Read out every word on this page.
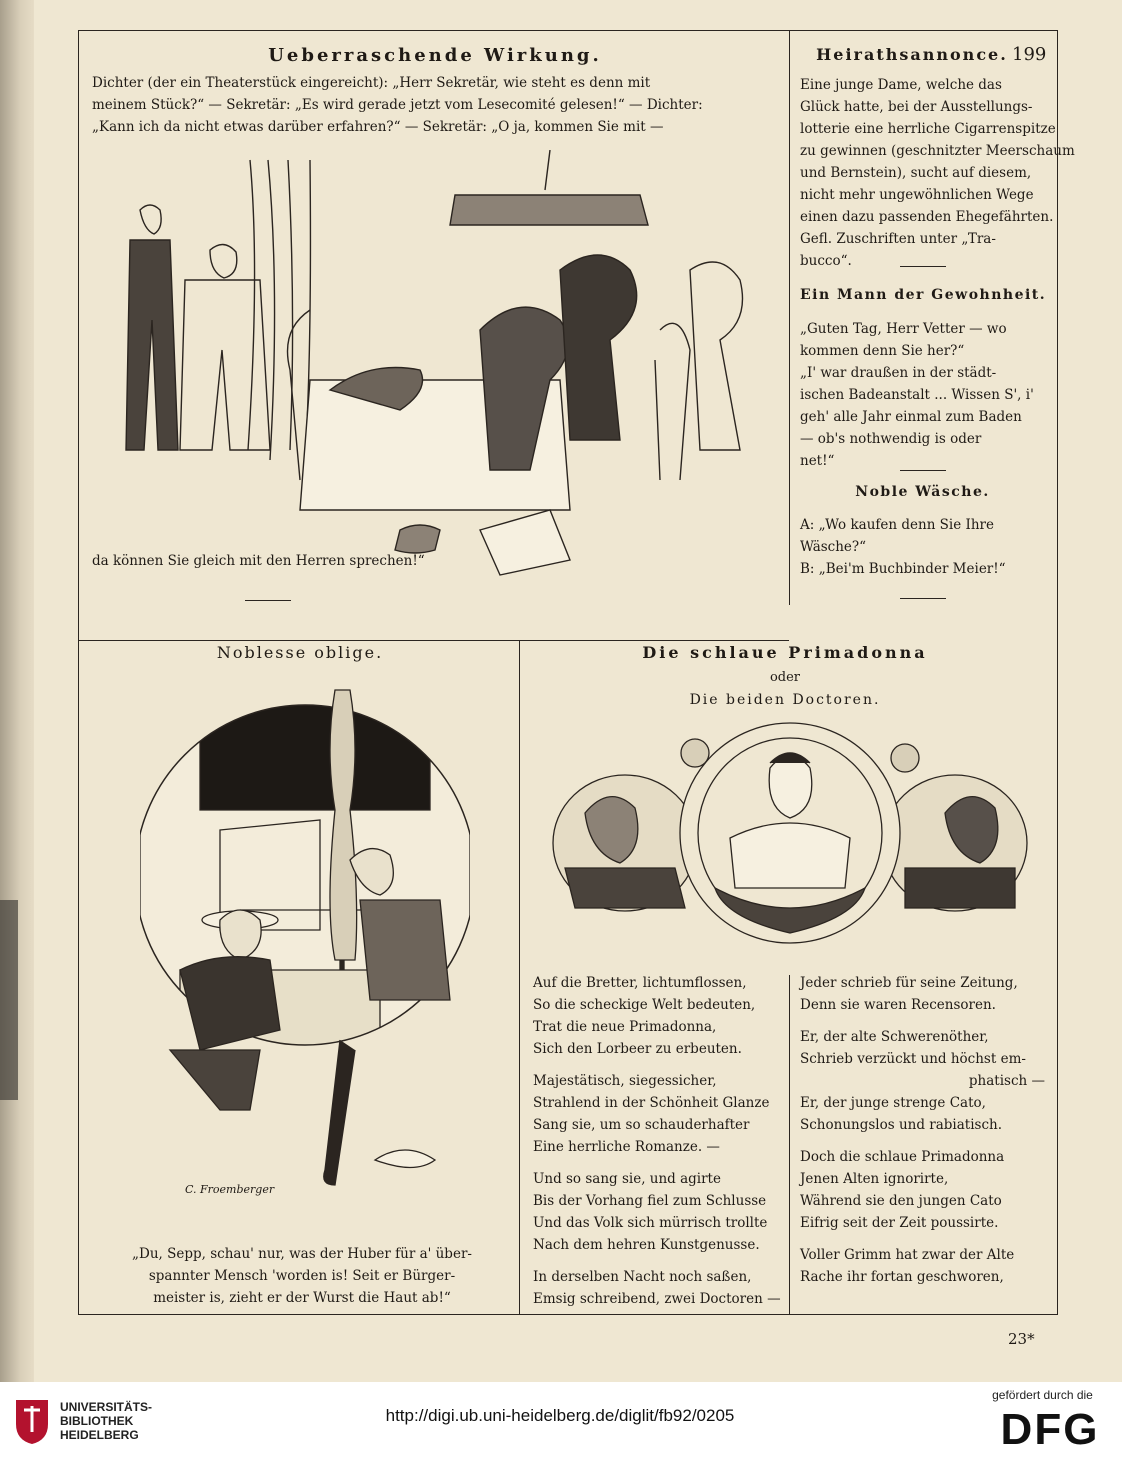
Ueberraschende Wirkung.
Dichter (der ein Theaterstück eingereicht): „Herr Sekretär, wie steht es denn mit
meinem Stück?“ — Sekretär: „Es wird gerade jetzt vom Lesecomité gelesen!“ — Dichter:
„Kann ich da nicht etwas darüber erfahren?“ — Sekretär: „O ja, kommen Sie mit —
da können Sie gleich mit den Herren sprechen!“
Heirathsannonce. 199
Eine junge Dame, welche das
Glück hatte, bei der Ausstellungs-
lotterie eine herrliche Cigarrenspitze
zu gewinnen (geschnitzter Meerschaum
und Bernstein), sucht auf diesem,
nicht mehr ungewöhnlichen Wege
einen dazu passenden Ehegefährten.
Gefl. Zuschriften unter „Tra-
bucco“.
Ein Mann der Gewohnheit.
„Guten Tag, Herr Vetter — wo
kommen denn Sie her?“
„I' war draußen in der städt-
ischen Badeanstalt ... Wissen S', i'
geh' alle Jahr einmal zum Baden
— ob's nothwendig is oder
net!“
Noble Wäsche.
A: „Wo kaufen denn Sie Ihre
Wäsche?“
B: „Bei'm Buchbinder Meier!“
Noblesse oblige.
C. Froemberger
„Du, Sepp, schau' nur, was der Huber für a' über-
spannter Mensch 'worden is! Seit er Bürger-
meister is, zieht er der Wurst die Haut ab!“
Die schlaue Primadonna
oder
Die beiden Doctoren.
Auf die Bretter, lichtumflossen,
So die scheckige Welt bedeuten,
Trat die neue Primadonna,
Sich den Lorbeer zu erbeuten.
Majestätisch, siegessicher,
Strahlend in der Schönheit Glanze
Sang sie, um so schauderhafter
Eine herrliche Romanze. —
Und so sang sie, und agirte
Bis der Vorhang fiel zum Schlusse
Und das Volk sich mürrisch trollte
Nach dem hehren Kunstgenusse.
In derselben Nacht noch saßen,
Emsig schreibend, zwei Doctoren —
Jeder schrieb für seine Zeitung,
Denn sie waren Recensoren.
Er, der alte Schwerenöther,
Schrieb verzückt und höchst em-
phatisch —
Er, der junge strenge Cato,
Schonungslos und rabiatisch.
Doch die schlaue Primadonna
Jenen Alten ignorirte,
Während sie den jungen Cato
Eifrig seit der Zeit poussirte.
Voller Grimm hat zwar der Alte
Rache ihr fortan geschworen,
23*
UNIVERSITÄTS-
BIBLIOTHEK
HEIDELBERG
http://digi.ub.uni-heidelberg.de/diglit/fb92/0205
gefördert durch die
DFG
